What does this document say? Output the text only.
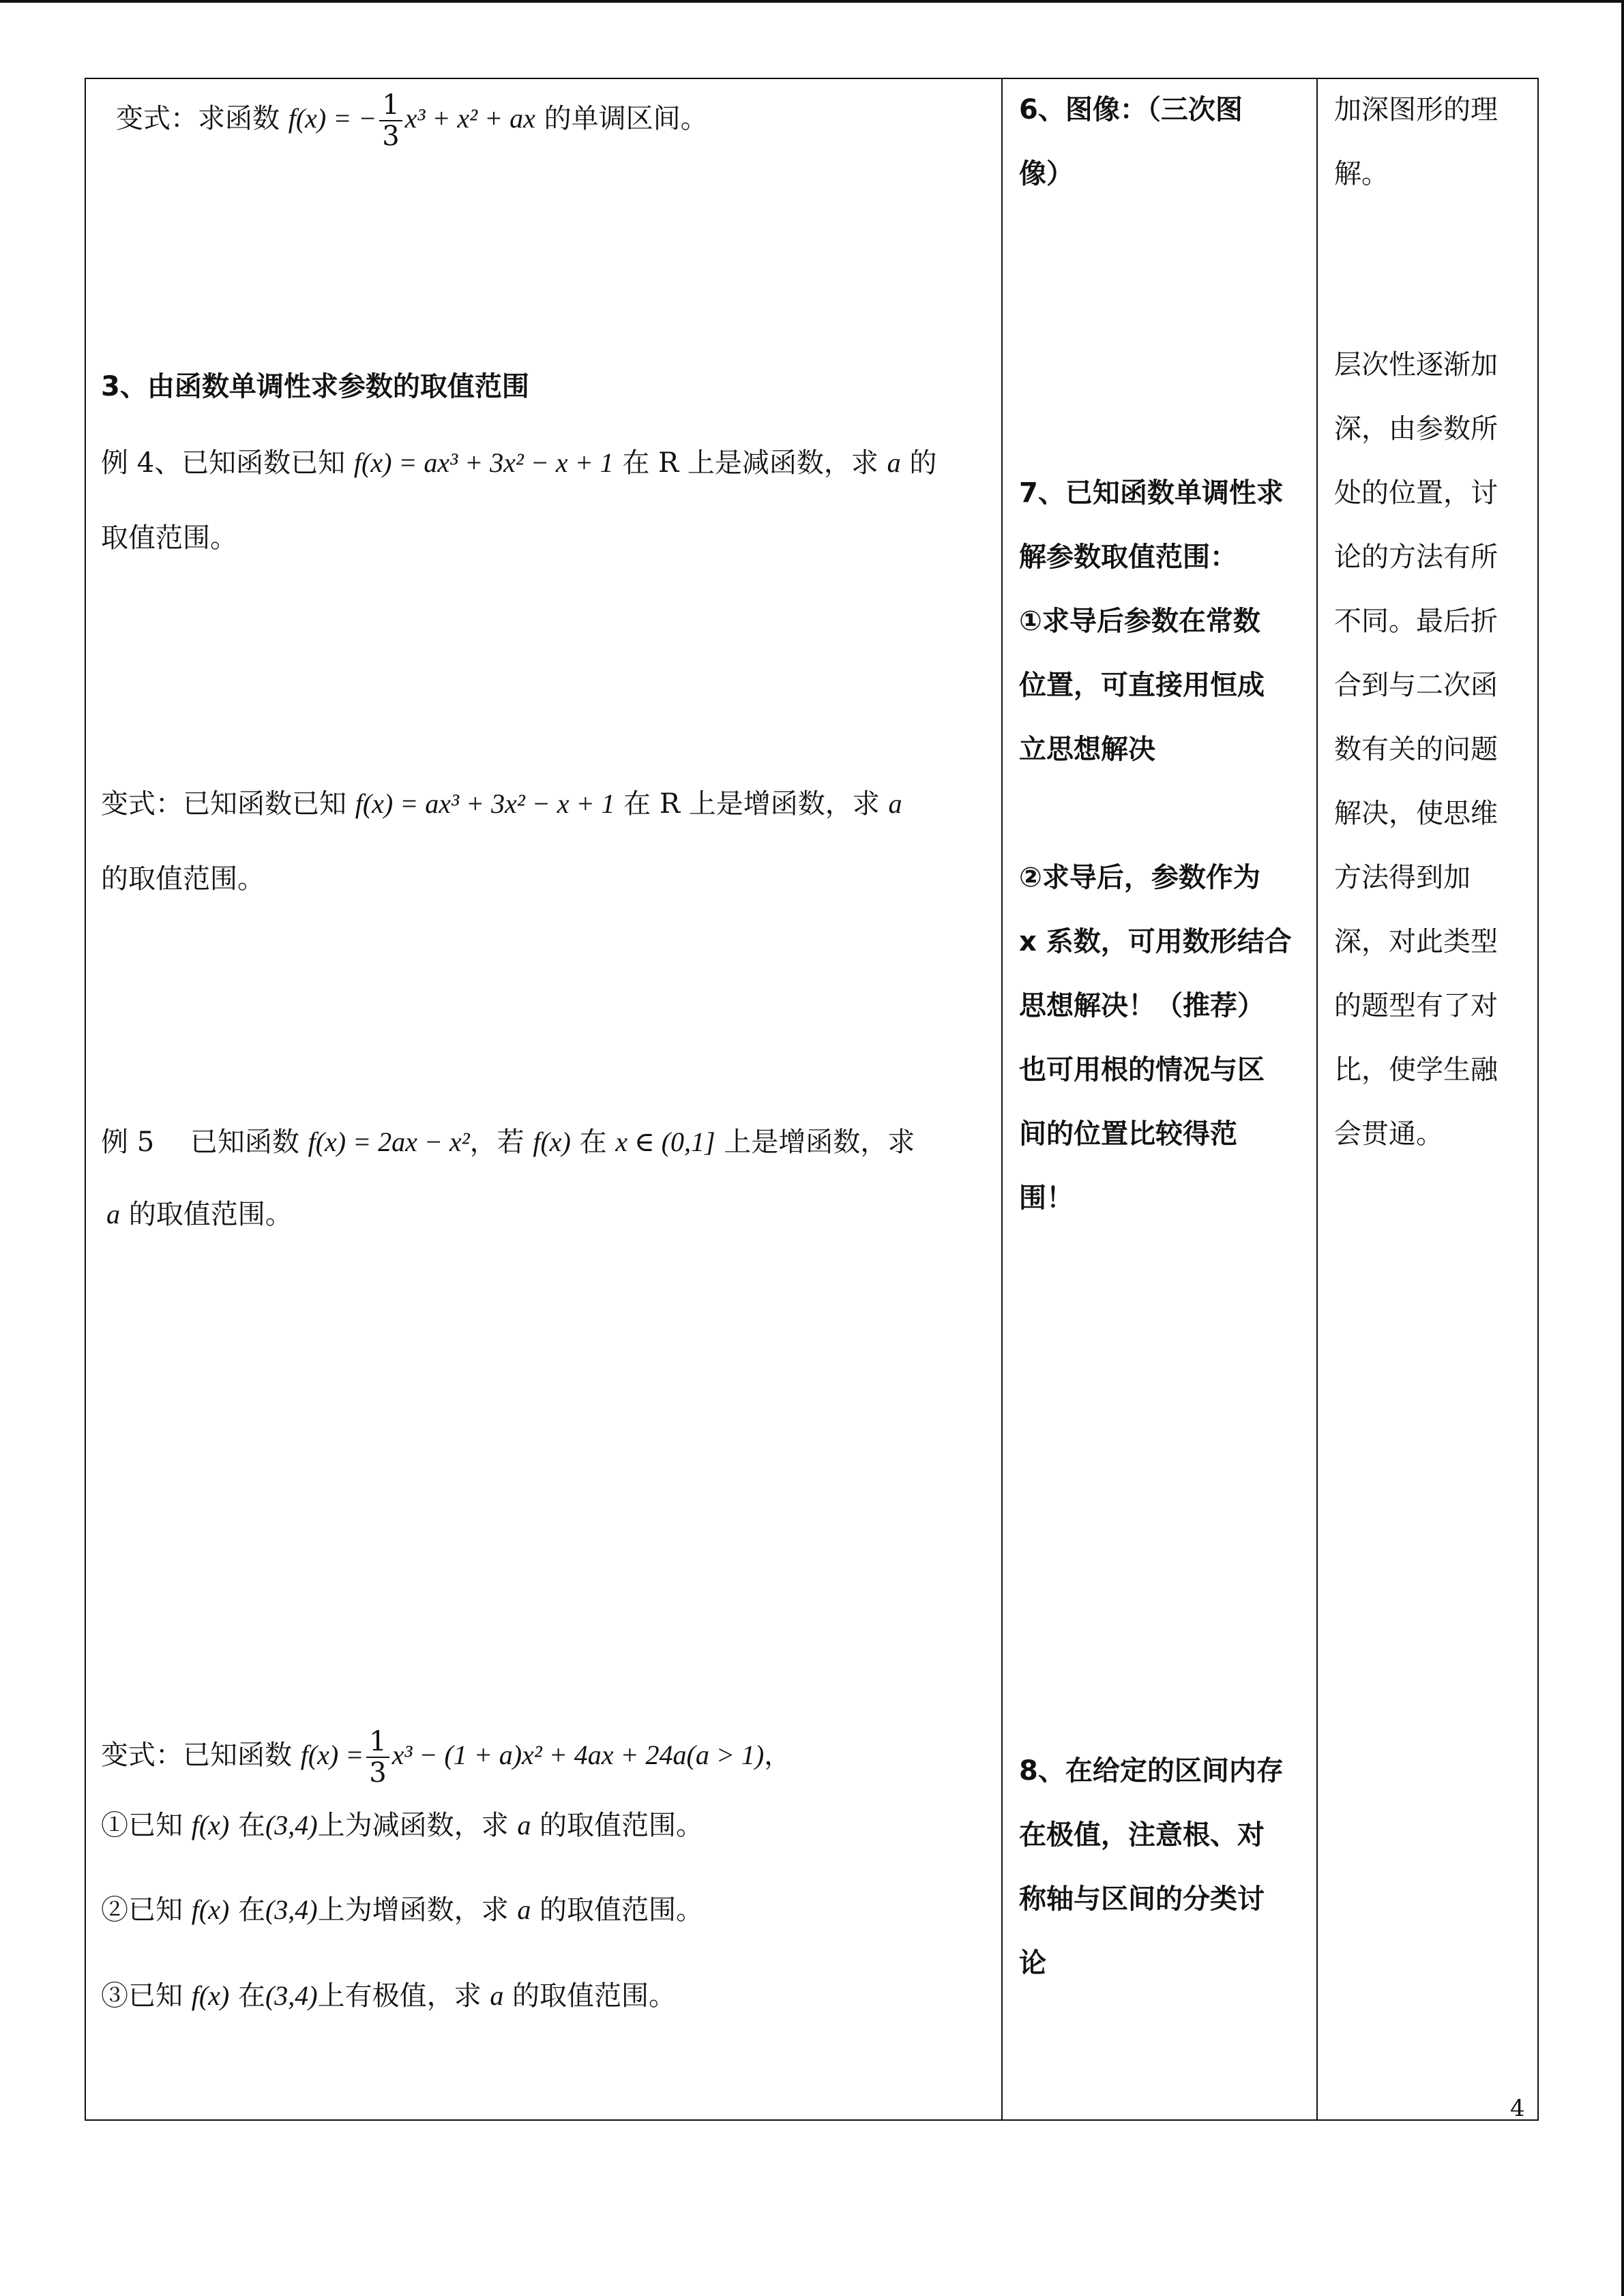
变式：求函数 f(x) = − $\frac{1}{3} x^3 + x^2$ + ax 的单调区间。
3、由函数单调性求参数的取值范围
例 4、已知函数已知 f(x) = ax³ + 3x² − x + 1 在 R 上是减函数，求 a 的
取值范围。
变式：已知函数已知 f(x) = ax³ + 3x² − x + 1 在 R 上是增函数，求 a
的取值范围。
例 5　 已知函数 f(x) = 2ax − x²，若 f(x) 在 x ∈ (0,1] 上是增函数，求
a 的取值范围。
变式：已知函数 $f(x) = \frac{1}{3} x^3 - (1 + a)x^2 + 4ax + 24a(a > 1)$，
①已知 f(x) 在(3,4)上为减函数，求 a 的取值范围。
②已知 f(x) 在(3,4)上为增函数，求 a 的取值范围。
③已知 f(x) 在(3,4)上有极值，求 a 的取值范围。
6、图像：（三次图
像）
7、已知函数单调性求
解参数取值范围：
①求导后参数在常数
位置，可直接用恒成
立思想解决
②求导后，参数作为
x 系数，可用数形结合
思想解决！（推荐）
也可用根的情况与区
间的位置比较得范
围！
8、在给定的区间内存
在极值，注意根、对
称轴与区间的分类讨
论
加深图形的理
解。
层次性逐渐加
深，由参数所
处的位置，讨
论的方法有所
不同。最后折
合到与二次函
数有关的问题
解决，使思维
方法得到加
深，对此类型
的题型有了对
比，使学生融
会贯通。
4
